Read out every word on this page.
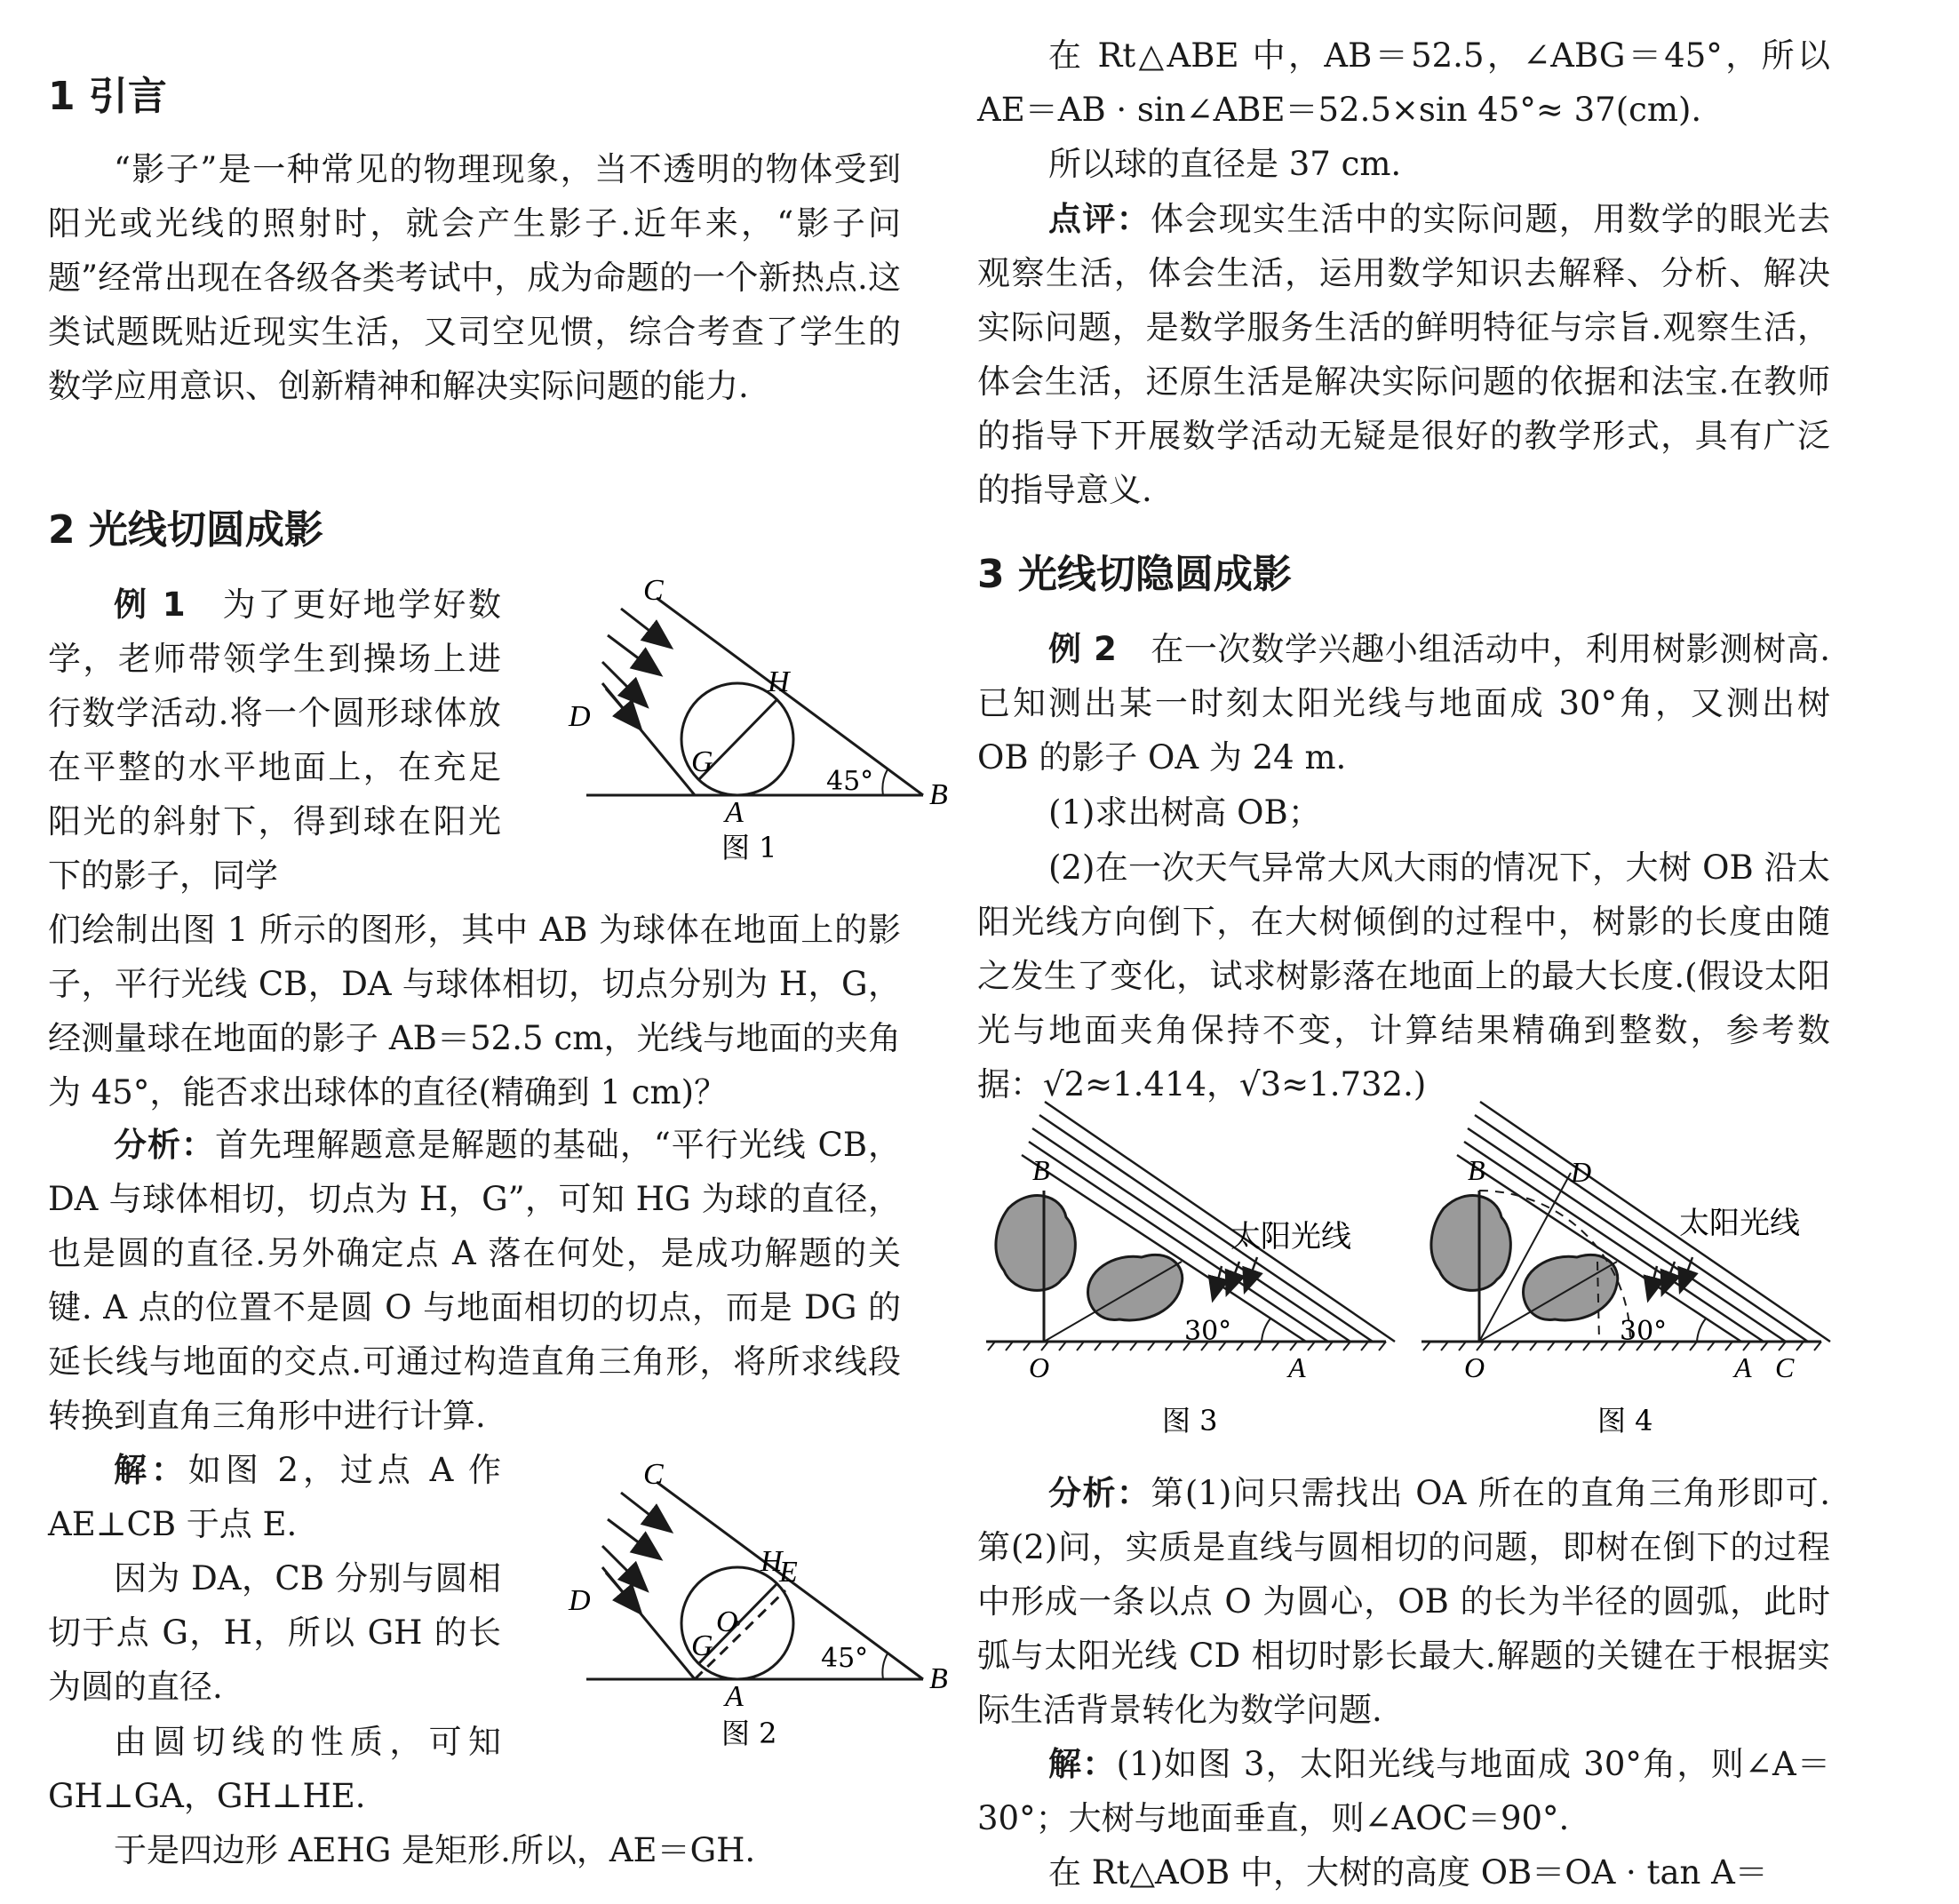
1 引言

“影子”是一种常见的物理现象，当不透明的物体受到阳光或光线的照射时，就会产生影子.近年来，“影子问题”经常出现在各级各类考试中，成为命题的一个新热点.这类试题既贴近现实生活，又司空见惯，综合考查了学生的数学应用意识、创新精神和解决实际问题的能力.

2 光线切圆成影

例 1　 为了更好地学好数学，老师带领学生到操场上进行数学活动.将一个圆形球体放在平整的水平地面上，在充足阳光的斜射下，得到球在阳光下的影子，同学

C
H
D
G
45°
A
B
图 1

们绘制出图 1 所示的图形，其中 AB 为球体在地面上的影子，平行光线 CB，DA 与球体相切，切点分别为 H，G，经测量球在地面的影子 AB＝52.5 cm，光线与地面的夹角为 45°，能否求出球体的直径(精确到 1 cm)？

分析：首先理解题意是解题的基础，“平行光线 CB，DA 与球体相切，切点为 H，G”，可知 HG 为球的直径，也是圆的直径.另外确定点 A 落在何处，是成功解题的关键. A 点的位置不是圆 O 与地面相切的切点，而是 DG 的延长线与地面的交点.可通过构造直角三角形，将所求线段转换到直角三角形中进行计算.

解：如图 2，过点 A 作 AE⊥CB 于点 E.

因为 DA，CB 分别与圆相切于点 G，H，所以 GH 的长为圆的直径.

由圆切线的性质，可知 GH⊥GA，GH⊥HE.

于是四边形 AEHG 是矩形.所以，AE＝GH.

C
H
E
D
O
G	45°
A
B
图 2

在 Rt△ABE 中，AB＝52.5，∠ABG＝45°，所以 AE＝AB · sin∠ABE＝52.5×sin 45°≈ 37(cm).

所以球的直径是 37 cm.

点评：体会现实生活中的实际问题，用数学的眼光去观察生活，体会生活，运用数学知识去解释、分析、解决实际问题，是数学服务生活的鲜明特征与宗旨.观察生活，体会生活，还原生活是解决实际问题的依据和法宝.在教师的指导下开展数学活动无疑是很好的教学形式，具有广泛的指导意义.

3 光线切隐圆成影

例 2　 在一次数学兴趣小组活动中，利用树影测树高.已知测出某一时刻太阳光线与地面成 30°角，又测出树 OB 的影子 OA 为 24 m.

(1)求出树高 OB；

(2)在一次天气异常大风大雨的情况下，大树 OB 沿太阳光线方向倒下，在大树倾倒的过程中，树影的长度由随之发生了变化，试求树影落在地面上的最大长度.(假设太阳光与地面夹角保持不变，计算结果精确到整数，参考数据：√2≈1.414，√3≈1.732.)

B
太阳光线
30°
O	A
图 3
B	D
太阳光线
30°
O	A C
图 4

分析：第(1)问只需找出 OA 所在的直角三角形即可.第(2)问，实质是直线与圆相切的问题，即树在倒下的过程中形成一条以点 O 为圆心，OB 的长为半径的圆弧，此时弧与太阳光线 CD 相切时影长最大.解题的关键在于根据实际生活背景转化为数学问题.

解：(1)如图 3，太阳光线与地面成 30°角，则∠A＝30°；大树与地面垂直，则∠AOC＝90°.

在 Rt△AOB 中，大树的高度 OB＝OA · tan A＝
